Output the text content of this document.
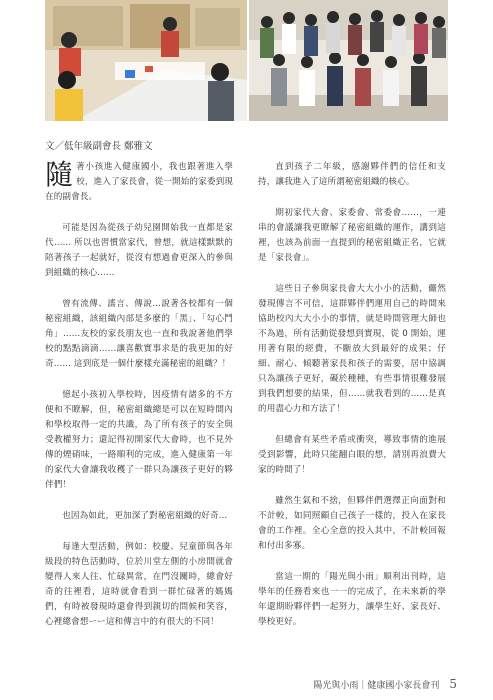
文／低年級副會長 鄭雅文

隨著小孩進入健康國小，我也跟著進入學校，進入了家長會，從一開始的家委到現在的副會長。

可能是因為從孩子幼兒園開始我一直都是家代…… 所以也習慣當家代，曾想，就這樣默默的陪著孩子一起就好，從沒有想過會更深入的參與到組織的核心……

曾有流傳、謠言、傳說…說著各校都有一個秘密組織，該組織內部是多麼的「黑」、「勾心鬥角」……友校的家長朋友也一直和我說著他們學校的點點滴滴……讓喜歡實事求是的我更加的好奇…… 這到底是一個什麼樣充滿秘密的組織？！

憶起小孩初入學校時，因疫情有諸多的不方便和不瞭解，但，秘密組織總是可以在短時間內和學校取得一定的共識，為了所有孩子的安全與受教權努力；還記得初開家代大會時，也不見外傳的煙硝味，一路順利的完成，進入健康第一年的家代大會讓我收穫了一群只為讓孩子更好的夥伴們！

也因為如此，更加深了對秘密組織的好奇…

每逢大型活動，例如：校慶、兒童節與各年級段的特色活動時，位於川堂左側的小房間就會變得人來人往、忙碌異常，在門沒關時，總會好奇的往裡看，這時就會看到一群忙碌著的媽媽們，有時被發現時還會得到親切的問候和笑容，心裡總會想ーー這和傳言中的有很大的不同！

直到孩子二年級，感謝夥伴們的信任和支持，讓我進入了這所謂秘密組織的核心。

期初家代大會、家委會、常委會……，一連串的會議讓我更瞭解了秘密組織的運作，講到這裡，也該為前面一直提到的秘密組織正名，它就是「家長會」。

這些日子參與家長會大大小小的活動，儼然發現傳言不可信，這群夥伴們運用自己的時間來協助校內大大小小的事情，就是時間管理大師也不為過，所有活動從發想到實現，從 0 開始，運用著有限的經費，不斷放大到最好的成果；仔細、耐心、傾聽著家長和孩子的需要，居中協調只為讓孩子更好，礙於種種，有些事情很難發展到我們想要的結果，但……就我看到的……是真的用盡心力和方法了！

但總會有某些矛盾或衝突，導致事情的進展受到影響，此時只能翻白眼的想，請別再浪費大家的時間了！

雖然生氣和不捨，但夥伴們選擇正向面對和不計較，如同照顧自己孩子一樣的，投入在家長會的工作裡。全心全意的投入其中，不計較回報和付出多寡。

當這一期的「陽光與小雨」順利出刊時，這學年的任務看來也一一的完成了，在未來新的學年還期盼夥伴們一起努力，讓學生好、家長好、學校更好。

陽光與小雨｜健康國小家長會刊 5
